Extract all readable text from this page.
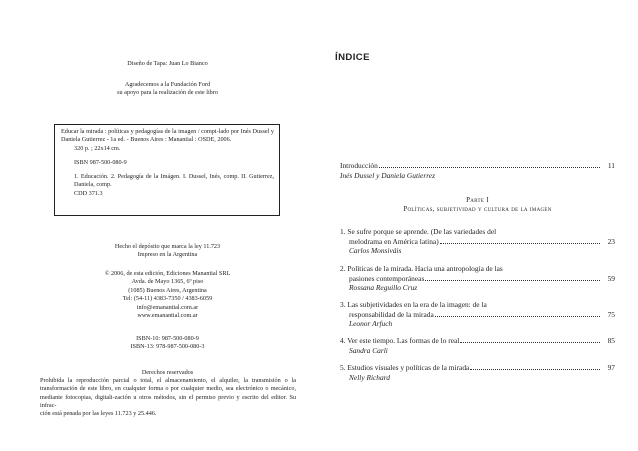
Diseño de Tapa: Juan Lo Bianco
Agradecemos a la Fundación Ford
su apoyo para la realización de este libro

Educar la mirada : políticas y pedagogías de la imagen / compi-lado por Inés Dussel y Daniela Gutierrez - 1a ed. - Buenos Aires : Manantial : OSDE, 2006.

320 p. ; 22x14 cm.

ISBN 987-500-080-9

1. Educación. 2. Pedagogía de la Imágen. I. Dussel, Inés, comp. II. Gutierrez, Daniela, comp.

CDD 371.3

Hecho el depósito que marca la ley 11.723
Impreso en la Argentina
© 2006, de esta edición, Ediciones Manantial SRL
Avda. de Mayo 1365, 6º piso
(1085) Buenos Aires, Argentina
Tel: (54-11) 4383-7350 / 4383-6059
info@emanantial.com.ar
www.emanantial.com.ar
ISBN-10: 987-500-080-9
ISBN-13: 978-987-500-080-3
Derechos reservados
Prohibida la reproducción parcial o total, el almacenamiento, el alquiler, la transmisión o la transformación de este libro, en cualquier forma o por cualquier medio, sea electrónico o mecánico, mediante fotocopias, digitali-zación u otros métodos, sin el permiso previo y escrito del editor. Su infrac-
ción está penada por las leyes 11.723 y 25.446.
ÍNDICE
Introducción	11
Inés Dussel y Daniela Gutierrez
Parte I
Políticas, subjetividad y cultura de la imagen
1. Se sufre porque se aprende. (De las variedades del
melodrama en América latina)	23
Carlos Monsiváis
2. Políticas de la mirada. Hacia una antropología de las
pasiones contemporáneas	59
Rossana Reguillo Cruz
3. Las subjetividades en la era de la imagen: de la
responsabilidad de la mirada	75
Leonor Arfuch
4. Ver este tiempo. Las formas de lo real	85
Sandra Carli
5. Estudios visuales y políticas de la mirada	97
Nelly Richard
